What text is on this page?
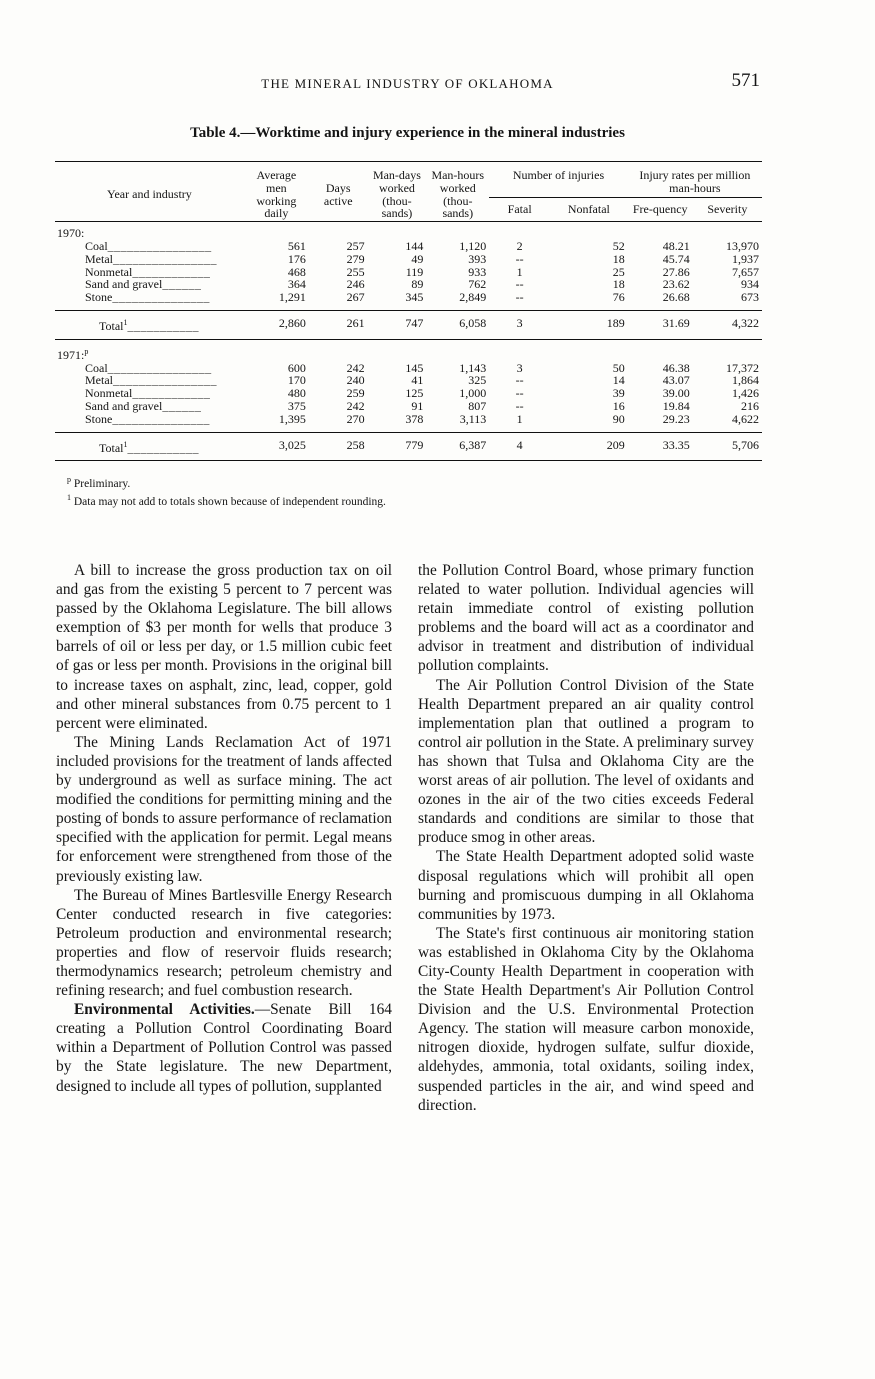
THE MINERAL INDUSTRY OF OKLAHOMA	571
Table 4.—Worktime and injury experience in the mineral industries
Year and industry	Average men working daily	Days active	Man-days worked (thou-sands)	Man-hours worked (thou-sands)	Number of injuries		Injury rates per million man-hours	
					Fatal	Nonfatal	Fre-quency	Severity
1970:								
Coal________________	561	257	144	1,120	2	52	48.21	13,970
Metal________________	176	279	49	393	--	18	45.74	1,937
Nonmetal____________	468	255	119	933	1	25	27.86	7,657
Sand and gravel______	364	246	89	762	--	18	23.62	934
Stone_______________	1,291	267	345	2,849	--	76	26.68	673
Total$^1$___________	2,860	261	747	6,058	3	189	31.69	4,322
1971:$^p$
Coal________________	600	242	145	1,143	3	50	46.38	17,372
Metal________________	170	240	41	325	--	14	43.07	1,864
Nonmetal____________	480	259	125	1,000	--	39	39.00	1,426
Sand and gravel______	375	242	91	807	--	16	19.84	216
Stone_______________	1,395	270	378	3,113	1	90	29.23	4,622
Total$^1$___________	3,025	258	779	6,387	4	209	33.35	5,706
$^p$ Preliminary.
$^1$ Data may not add to totals shown because of independent rounding.

A bill to increase the gross production tax on oil and gas from the existing 5 percent to 7 percent was passed by the Oklahoma Legislature. The bill allows exemption of $3 per month for wells that produce 3 barrels of oil or less per day, or 1.5 million cubic feet of gas or less per month. Provisions in the original bill to increase taxes on asphalt, zinc, lead, copper, gold and other mineral substances from 0.75 percent to 1 percent were eliminated.

The Mining Lands Reclamation Act of 1971 included provisions for the treatment of lands affected by underground as well as surface mining. The act modified the conditions for permitting mining and the posting of bonds to assure performance of reclamation specified with the application for permit. Legal means for enforcement were strengthened from those of the previously existing law.

The Bureau of Mines Bartlesville Energy Research Center conducted research in five categories: Petroleum production and environmental research; properties and flow of reservoir fluids research; thermodynamics research; petroleum chemistry and refining research; and fuel combustion research.

Environmental Activities.—Senate Bill 164 creating a Pollution Control Coordinating Board within a Department of Pollution Control was passed by the State legislature. The new Department, designed to include all types of pollution, supplanted

the Pollution Control Board, whose primary function related to water pollution. Individual agencies will retain immediate control of existing pollution problems and the board will act as a coordinator and advisor in treatment and distribution of individual pollution complaints.

The Air Pollution Control Division of the State Health Department prepared an air quality control implementation plan that outlined a program to control air pollution in the State. A preliminary survey has shown that Tulsa and Oklahoma City are the worst areas of air pollution. The level of oxidants and ozones in the air of the two cities exceeds Federal standards and conditions are similar to those that produce smog in other areas.

The State Health Department adopted solid waste disposal regulations which will prohibit all open burning and promiscuous dumping in all Oklahoma communities by 1973.

The State's first continuous air monitoring station was established in Oklahoma City by the Oklahoma City-County Health Department in cooperation with the State Health Department's Air Pollution Control Division and the U.S. Environmental Protection Agency. The station will measure carbon monoxide, nitrogen dioxide, hydrogen sulfate, sulfur dioxide, aldehydes, ammonia, total oxidants, soiling index, suspended particles in the air, and wind speed and direction.
